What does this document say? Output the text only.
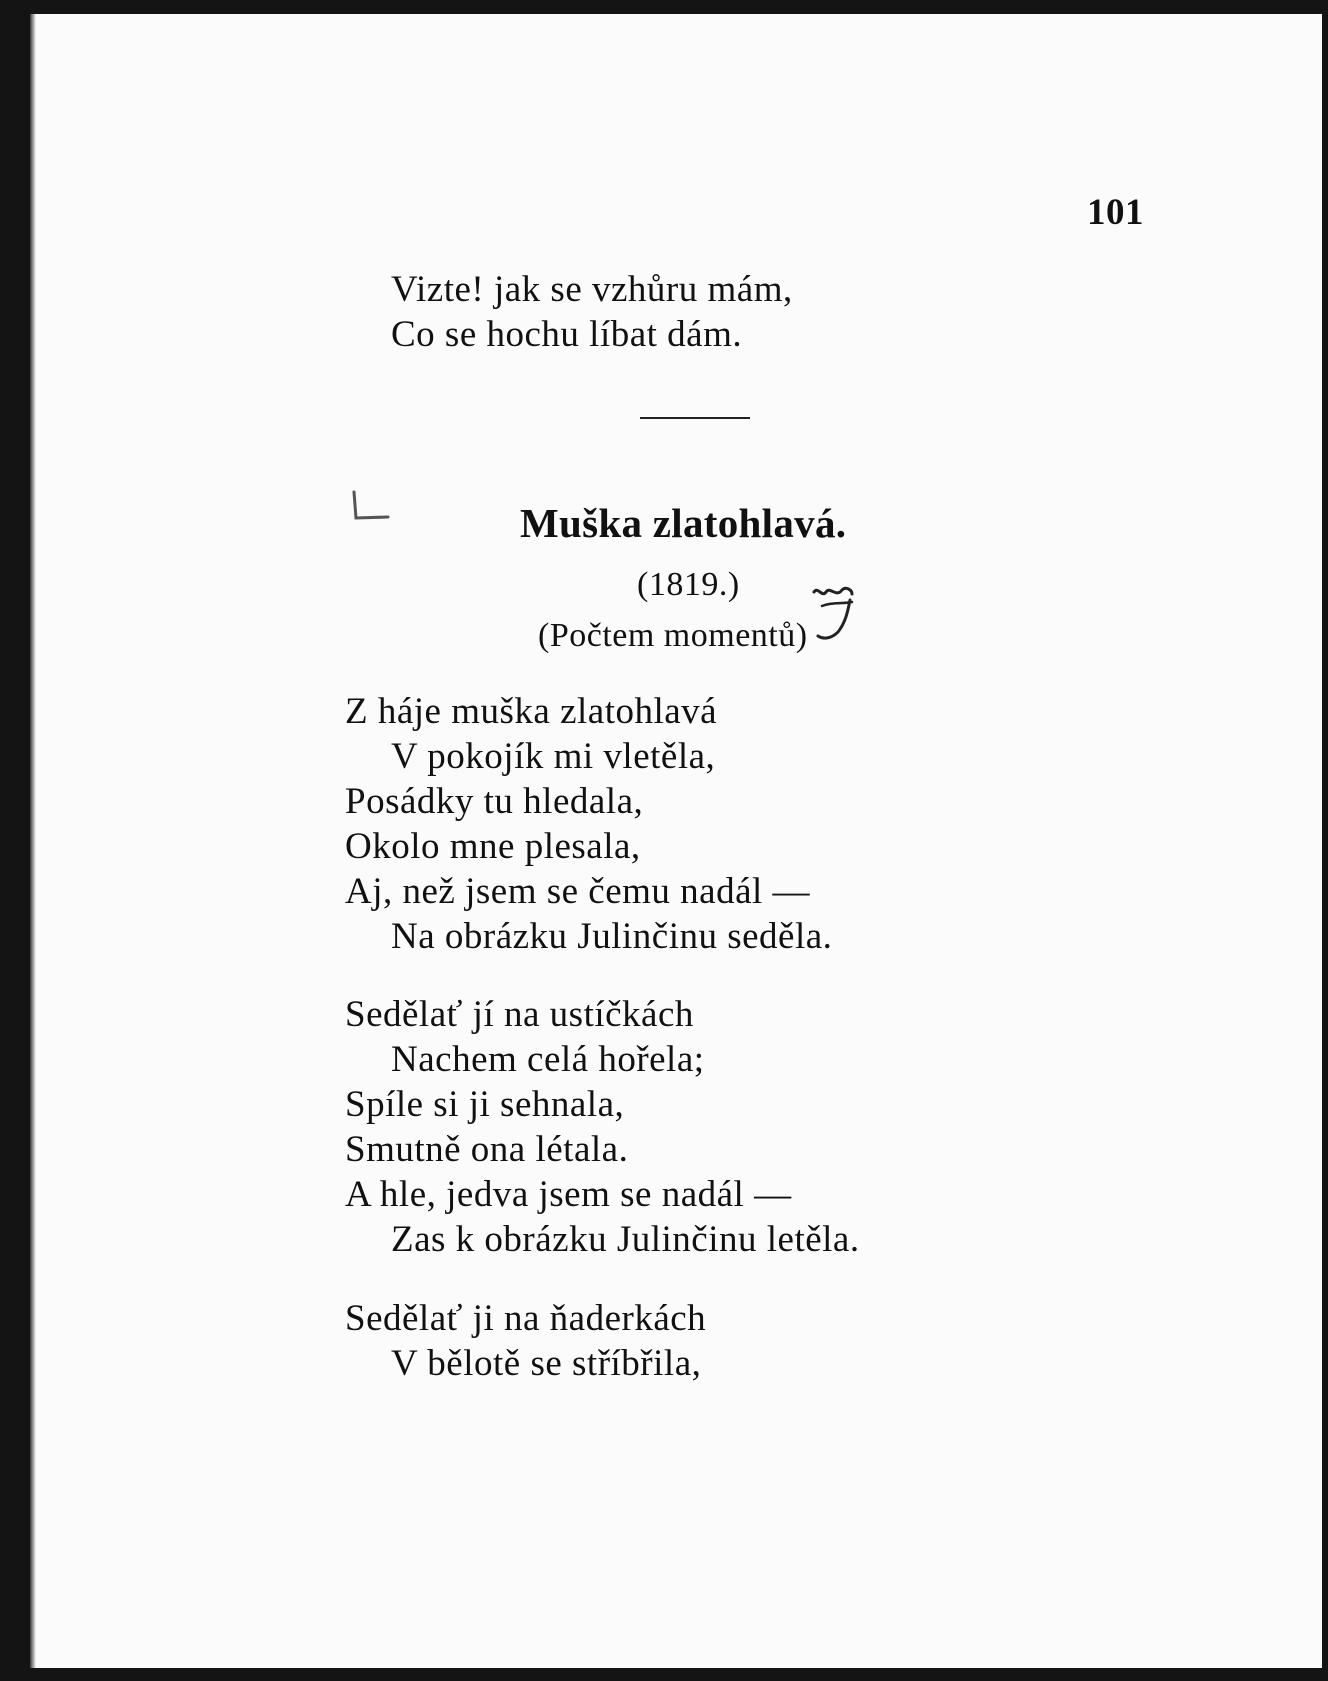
101
Vizte! jak se vzhůru mám,
Co se hochu líbat dám.
Muška zlatohlavá.
(1819.)
(Počtem momentů)
Z háje muška zlatohlavá
V pokojík mi vletěla,
Posádky tu hledala,
Okolo mne plesala,
Aj, než jsem se čemu nadál —
Na obrázku Julinčinu seděla.
Sedělať jí na ustíčkách
Nachem celá hořela;
Spíle si ji sehnala,
Smutně ona létala.
A hle, jedva jsem se nadál —
Zas k obrázku Julinčinu letěla.
Sedělať ji na ňaderkách
V bělotě se stříbřila,
